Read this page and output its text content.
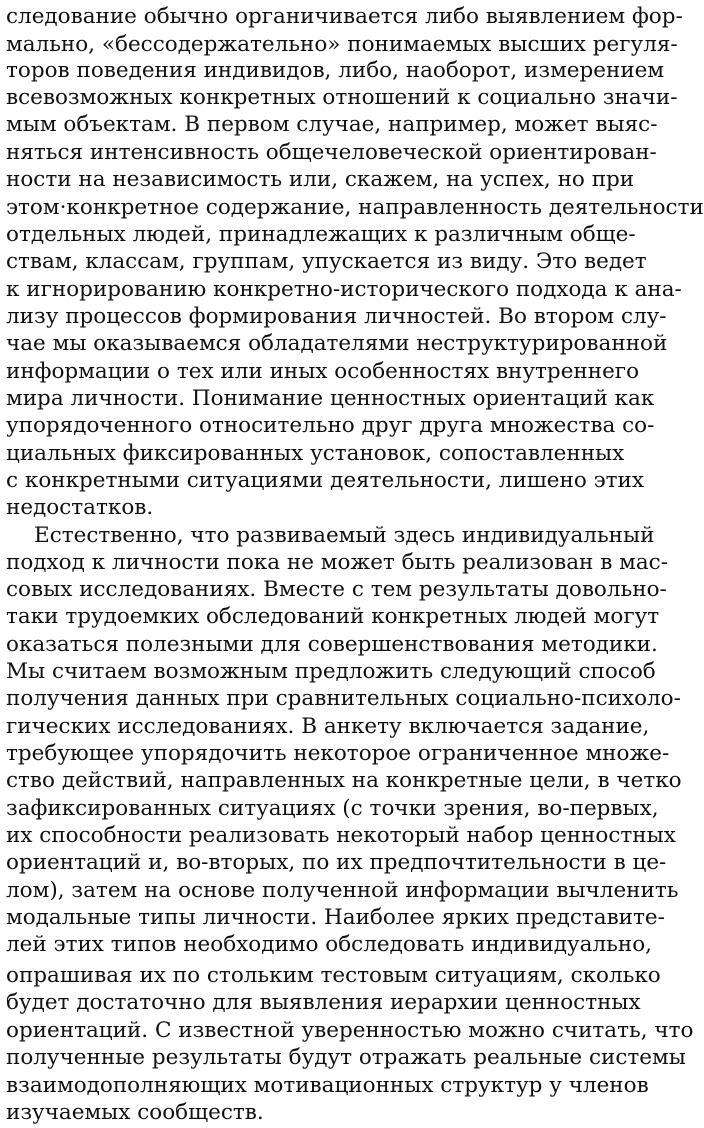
следование обычно органичивается либо выявлением фор-
мально, «бессодержательно» понимаемых высших регуля-
торов поведения индивидов, либо, наоборот, измерением
всевозможных конкретных отношений к социально значи-
мым объектам. В первом случае, например, может выяс-
няться интенсивность общечеловеческой ориентирован-
ности на независимость или, скажем, на успех, но при
этом·конкретное содержание, направленность деятельности
отдельных людей, принадлежащих к различным обще-
ствам, классам, группам, упускается из виду. Это ведет
к игнорированию конкретно-исторического подхода к ана-
лизу процессов формирования личностей. Во втором слу-
чае мы оказываемся обладателями неструктурированной
информации о тех или иных особенностях внутреннего
мира личности. Понимание ценностных ориентаций как
упорядоченного относительно друг друга множества со-
циальных фиксированных установок, сопоставленных
с конкретными ситуациями деятельности, лишено этих
недостатков.
Естественно, что развиваемый здесь индивидуальный
подход к личности пока не может быть реализован в мас-
совых исследованиях. Вместе с тем результаты довольно-
таки трудоемких обследований конкретных людей могут
оказаться полезными для совершенствования методики.
Мы считаем возможным предложить следующий способ
получения данных при сравнительных социально-психоло-
гических исследованиях. В анкету включается задание,
требующее упорядочить некоторое ограниченное множе-
ство действий, направленных на конкретные цели, в четко
зафиксированных ситуациях (с точки зрения, во-первых,
их способности реализовать некоторый набор ценностных
ориентаций и, во-вторых, по их предпочтительности в це-
лом), затем на основе полученной информации вычленить
модальные типы личности. Наиболее ярких представите-
лей этих типов необходимо обследовать индивидуально,
опрашивая их по стольким тестовым ситуациям, сколько
будет достаточно для выявления иерархии ценностных
ориентаций. С известной уверенностью можно считать, что
полученные результаты будут отражать реальные системы
взаимодополняющих мотивационных структур у членов
изучаемых сообществ.
